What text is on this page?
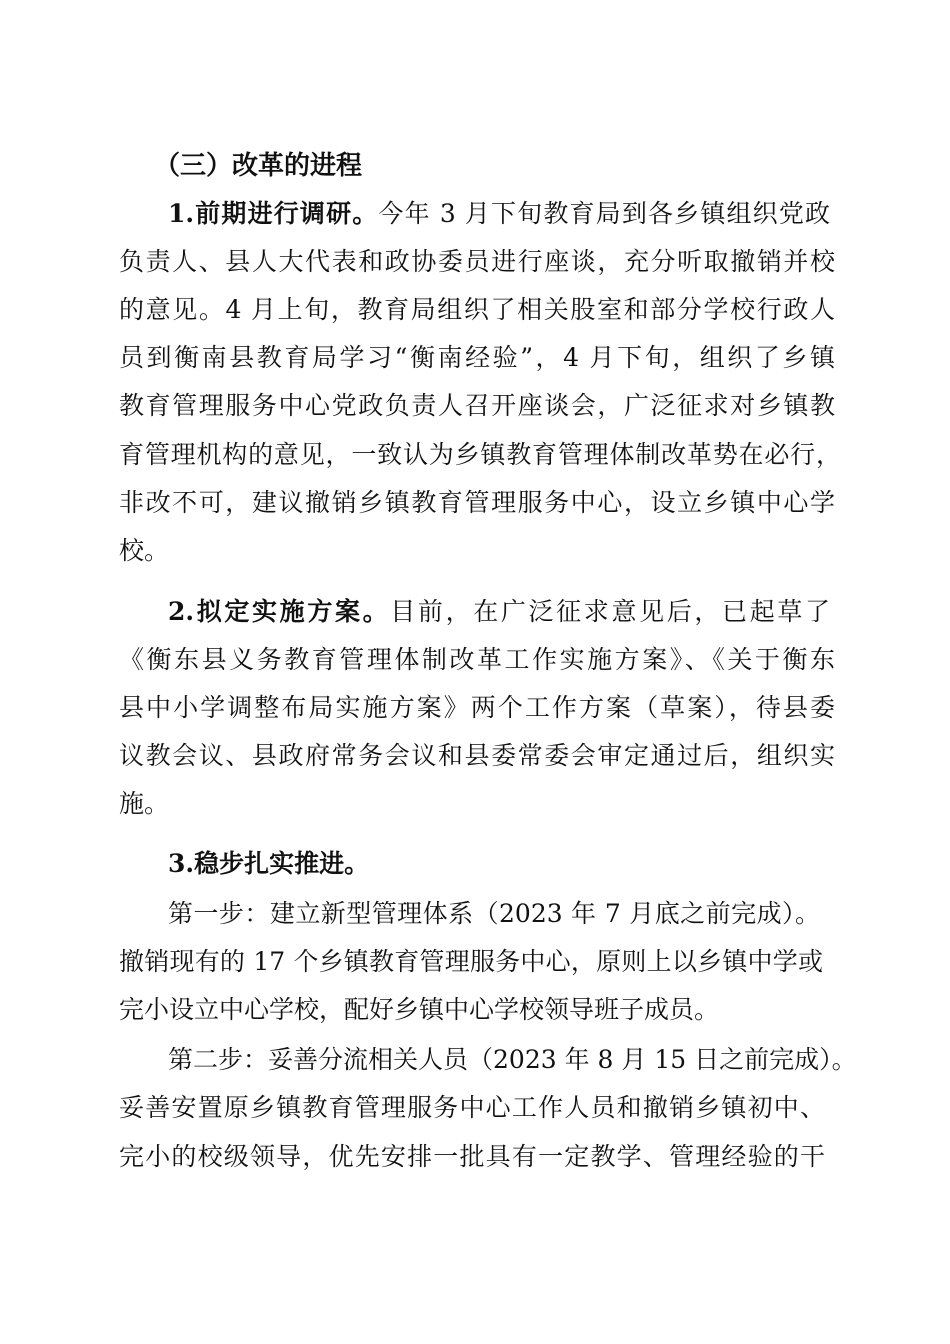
（三）改革的进程
1.前期进行调研。今年 3 月下旬教育局到各乡镇组织党政
负责人、县人大代表和政协委员进行座谈，充分听取撤销并校
的意见。4 月上旬，教育局组织了相关股室和部分学校行政人
员到衡南县教育局学习“衡南经验”，4 月下旬，组织了乡镇
教育管理服务中心党政负责人召开座谈会，广泛征求对乡镇教
育管理机构的意见，一致认为乡镇教育管理体制改革势在必行，
非改不可，建议撤销乡镇教育管理服务中心，设立乡镇中心学
校。
2.拟定实施方案。目前，在广泛征求意见后，已起草了
《衡东县义务教育管理体制改革工作实施方案》、《关于衡东
县中小学调整布局实施方案》两个工作方案（草案），待县委
议教会议、县政府常务会议和县委常委会审定通过后，组织实
施。
3.稳步扎实推进。
第一步：建立新型管理体系（2023 年 7 月底之前完成）。
撤销现有的 17 个乡镇教育管理服务中心，原则上以乡镇中学或
完小设立中心学校，配好乡镇中心学校领导班子成员。
第二步：妥善分流相关人员（2023 年 8 月 15 日之前完成）。
妥善安置原乡镇教育管理服务中心工作人员和撤销乡镇初中、
完小的校级领导，优先安排一批具有一定教学、管理经验的干
